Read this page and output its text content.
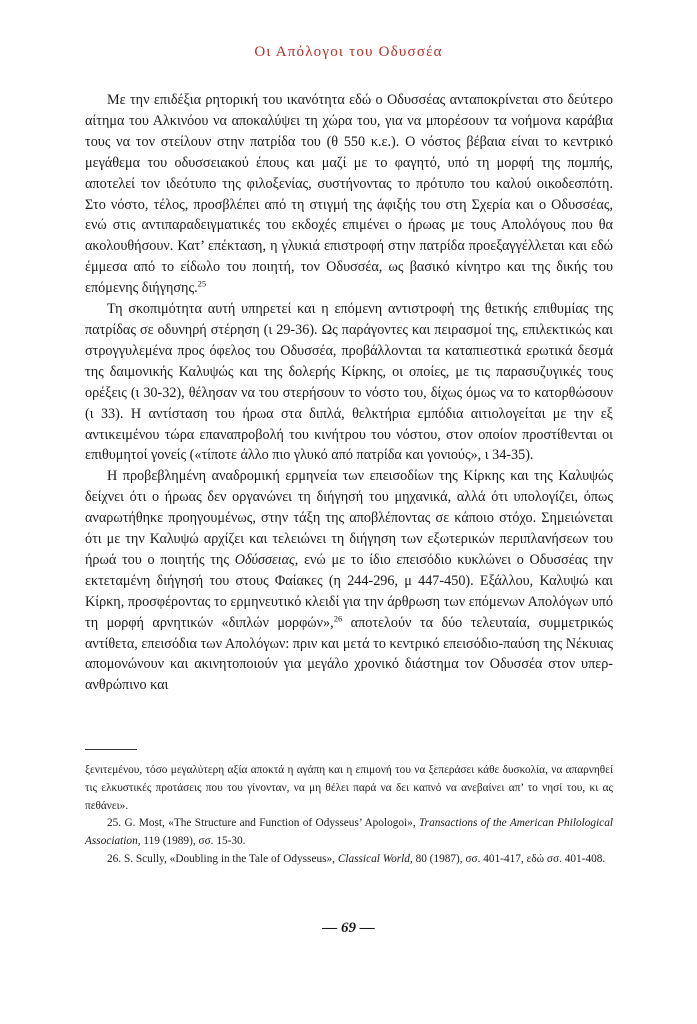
Οι Απόλογοι του Οδυσσέα

Με την επιδέξια ρητορική του ικανότητα εδώ ο Οδυσσέας ανταποκρίνεται στο δεύτερο αίτημα του Αλκινόου να αποκαλύψει τη χώρα του, για να μπορέσουν τα νοήμονα καράβια τους να τον στείλουν στην πατρίδα του (θ 550 κ.ε.). Ο νόστος βέβαια είναι το κεντρικό μεγάθεμα του οδυσσειακού έπους και μαζί με το φαγητό, υπό τη μορφή της πομπής, αποτελεί τον ιδεότυπο της φιλοξενίας, συστήνοντας το πρότυπο του καλού οικοδεσπότη. Στο νόστο, τέλος, προσβλέπει από τη στιγμή της άφιξής του στη Σχερία και ο Οδυσσέας, ενώ στις αντιπαραδειγματικές του εκδοχές επιμένει ο ήρωας με τους Απολόγους που θα ακολουθήσουν. Κατ’ επέκταση, η γλυκιά επιστροφή στην πατρίδα προεξαγγέλλεται και εδώ έμμεσα από το είδωλο του ποιητή, τον Οδυσσέα, ως βασικό κίνητρο και της δικής του επόμενης διήγησης.$^{25}$

Τη σκοπιμότητα αυτή υπηρετεί και η επόμενη αντιστροφή της θετικής επιθυμίας της πατρίδας σε οδυνηρή στέρηση (ι 29-36). Ως παράγοντες και πειρασμοί της, επιλεκτικώς και στρογγυλεμένα προς όφελος του Οδυσσέα, προβάλλονται τα καταπιεστικά ερωτικά δεσμά της δαιμονικής Καλυψώς και της δολερής Κίρκης, οι οποίες, με τις παρασυζυγικές τους ορέξεις (ι 30-32), θέλησαν να του στερήσουν το νόστο του, δίχως όμως να το κατορθώσουν (ι 33). Η αντίσταση του ήρωα στα διπλά, θελκτήρια εμπόδια αιτιολογείται με την εξ αντικειμένου τώρα επαναπροβολή του κινήτρου του νόστου, στον οποίον προστίθενται οι επιθυμητοί γονείς («τίποτε άλλο πιο γλυκό από πατρίδα και γονιούς», ι 34-35).

Η προβεβλημένη αναδρομική ερμηνεία των επεισοδίων της Κίρκης και της Καλυψώς δείχνει ότι ο ήρωας δεν οργανώνει τη διήγησή του μηχανικά, αλλά ότι υπολογίζει, όπως αναρωτήθηκε προηγουμένως, στην τάξη της αποβλέποντας σε κάποιο στόχο. Σημειώνεται ότι με την Καλυψώ αρχίζει και τελειώνει τη διήγηση των εξωτερικών περιπλανήσεων του ήρωά του ο ποιητής της Οδύσσειας, ενώ με το ίδιο επεισόδιο κυκλώνει ο Οδυσσέας την εκτεταμένη διήγησή του στους Φαίακες (η 244-296, μ 447-450). Εξάλλου, Καλυψώ και Κίρκη, προσφέροντας το ερμηνευτικό κλειδί για την άρθρωση των επόμενων Απολόγων υπό τη μορφή αρνητικών «διπλών μορφών»,$^{26}$ αποτελούν τα δύο τελευταία, συμμετρικώς αντίθετα, επεισόδια των Απολόγων: πριν και μετά το κεντρικό επεισόδιο-παύση της Νέκυιας απομονώνουν και ακινητοποιούν για μεγάλο χρονικό διάστημα τον Οδυσσέα στον υπερ-ανθρώπινο και

ξενιτεμένου, τόσο μεγαλύτερη αξία αποκτά η αγάπη και η επιμονή του να ξεπεράσει κάθε δυσκολία, να απαρνηθεί τις ελκυστικές προτάσεις που του γίνονταν, να μη θέλει παρά να δει καπνό να ανεβαίνει απ’ το νησί του, κι ας πεθάνει».

25. G. Most, «The Structure and Function of Odysseus’ Apologoi», Transactions of the American Philological Association, 119 (1989), σσ. 15-30.

26. S. Scully, «Doubling in the Tale of Odysseus», Classical World, 80 (1987), σσ. 401-417, εδώ σσ. 401-408.

— 69 —
